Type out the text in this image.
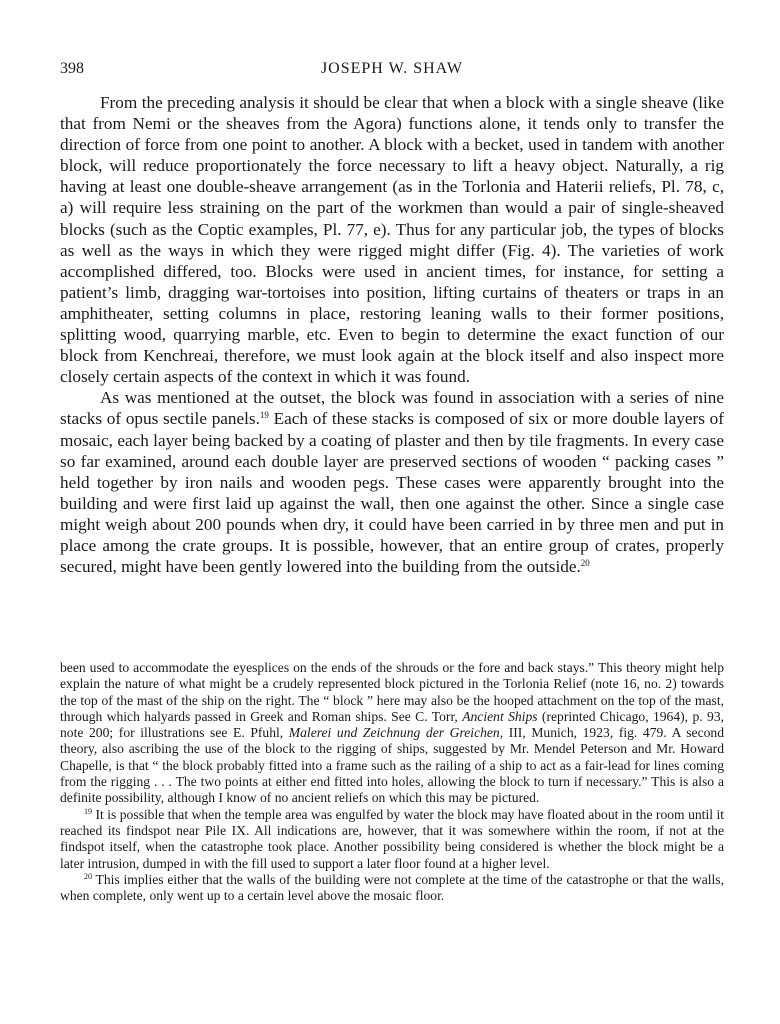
398	JOSEPH W. SHAW

From the preceding analysis it should be clear that when a block with a single sheave (like that from Nemi or the sheaves from the Agora) functions alone, it tends only to transfer the direction of force from one point to another. A block with a becket, used in tandem with another block, will reduce proportionately the force necessary to lift a heavy object. Naturally, a rig having at least one double-sheave arrangement (as in the Torlonia and Haterii reliefs, Pl. 78, c, a) will require less straining on the part of the workmen than would a pair of single-sheaved blocks (such as the Coptic examples, Pl. 77, e). Thus for any particular job, the types of blocks as well as the ways in which they were rigged might differ (Fig. 4). The varieties of work accomplished differed, too. Blocks were used in ancient times, for instance, for setting a patient’s limb, dragging war-tortoises into position, lifting curtains of theaters or traps in an amphitheater, setting columns in place, restoring leaning walls to their former positions, splitting wood, quarrying marble, etc. Even to begin to determine the exact function of our block from Kenchreai, therefore, we must look again at the block itself and also inspect more closely certain aspects of the context in which it was found.

As was mentioned at the outset, the block was found in association with a series of nine stacks of opus sectile panels.$^{19}$ Each of these stacks is composed of six or more double layers of mosaic, each layer being backed by a coating of plaster and then by tile fragments. In every case so far examined, around each double layer are preserved sections of wooden “ packing cases ” held together by iron nails and wooden pegs. These cases were apparently brought into the building and were first laid up against the wall, then one against the other. Since a single case might weigh about 200 pounds when dry, it could have been carried in by three men and put in place among the crate groups. It is possible, however, that an entire group of crates, properly secured, might have been gently lowered into the building from the outside.$^{20}$

been used to accommodate the eyesplices on the ends of the shrouds or the fore and back stays.” This theory might help explain the nature of what might be a crudely represented block pictured in the Torlonia Relief (note 16, no. 2) towards the top of the mast of the ship on the right. The “ block ” here may also be the hooped attachment on the top of the mast, through which halyards passed in Greek and Roman ships. See C. Torr, Ancient Ships (reprinted Chicago, 1964), p. 93, note 200; for illustrations see E. Pfuhl, Malerei und Zeichnung der Greichen, III, Munich, 1923, fig. 479. A second theory, also ascribing the use of the block to the rigging of ships, suggested by Mr. Mendel Peterson and Mr. Howard Chapelle, is that “ the block probably fitted into a frame such as the railing of a ship to act as a fair-lead for lines coming from the rigging . . . The two points at either end fitted into holes, allowing the block to turn if necessary.” This is also a definite possibility, although I know of no ancient reliefs on which this may be pictured.

$^{19}$ It is possible that when the temple area was engulfed by water the block may have floated about in the room until it reached its findspot near Pile IX. All indications are, however, that it was somewhere within the room, if not at the findspot itself, when the catastrophe took place. Another possibility being considered is whether the block might be a later intrusion, dumped in with the fill used to support a later floor found at a higher level.

$^{20}$ This implies either that the walls of the building were not complete at the time of the catastrophe or that the walls, when complete, only went up to a certain level above the mosaic floor.
